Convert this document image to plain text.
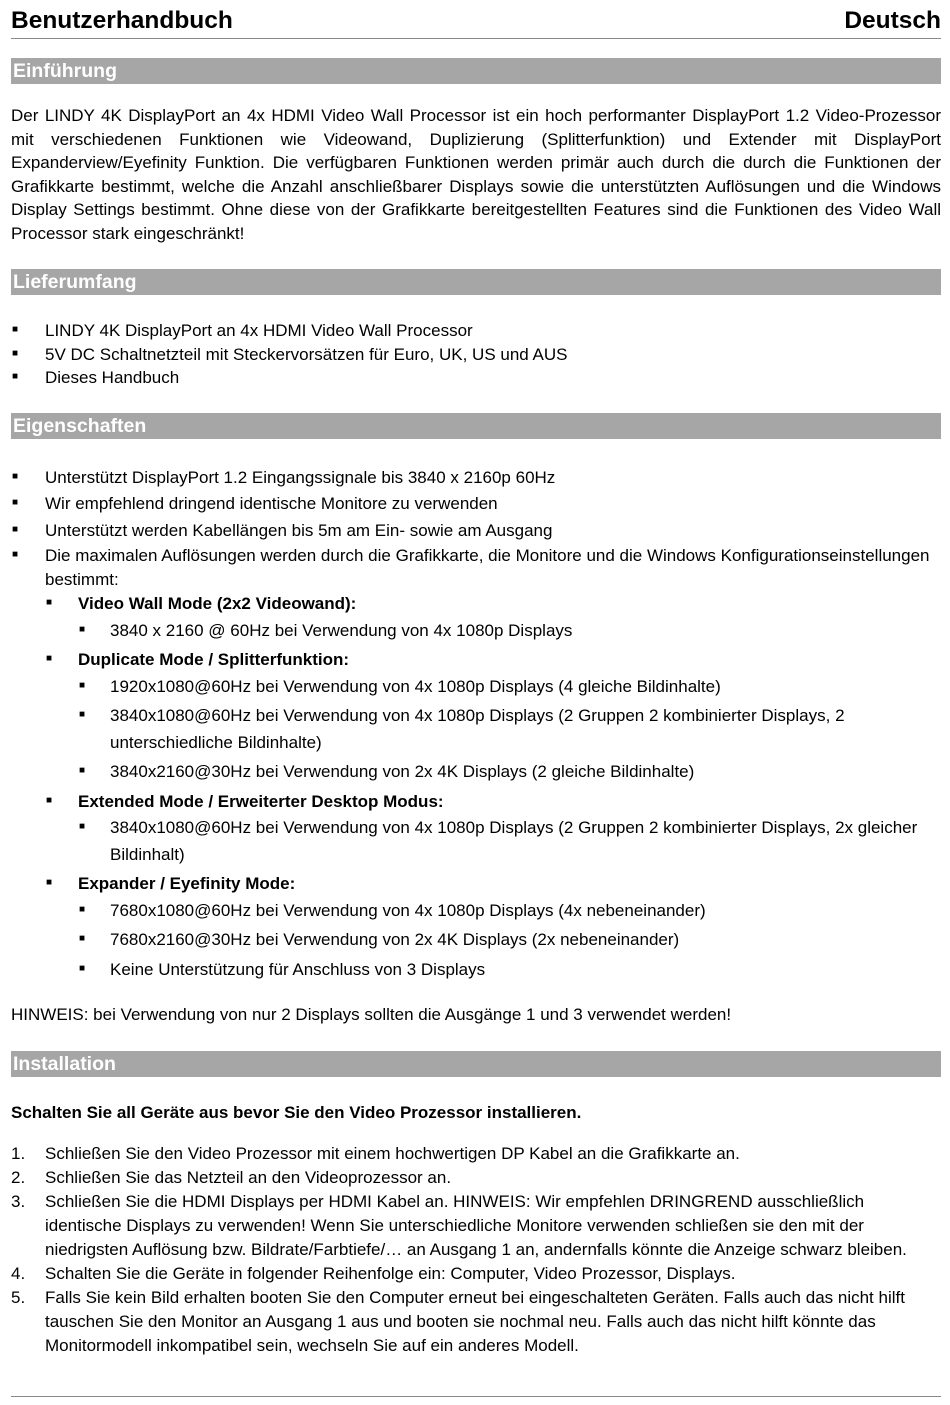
Benutzerhandbuch	Deutsch
Einführung

Der LINDY 4K DisplayPort an 4x HDMI Video Wall Processor ist ein hoch performanter DisplayPort 1.2 Video-Prozessor mit verschiedenen Funktionen wie Videowand, Duplizierung (Splitterfunktion) und Extender mit DisplayPort Expanderview/Eyefinity Funktion. Die verfügbaren Funktionen werden primär auch durch die durch die Funktionen der Grafikkarte bestimmt, welche die Anzahl anschließbarer Displays sowie die unterstützten Auflösungen und die Windows Display Settings bestimmt. Ohne diese von der Grafikkarte bereitgestellten Features sind die Funktionen des Video Wall Processor stark eingeschränkt!

Lieferumfang
■ LINDY 4K DisplayPort an 4x HDMI Video Wall Processor
■ 5V DC Schaltnetzteil mit Steckervorsätzen für Euro, UK, US und AUS
■ Dieses Handbuch
Eigenschaften
■ Unterstützt DisplayPort 1.2 Eingangssignale bis 3840 x 2160p 60Hz
■ Wir empfehlend dringend identische Monitore zu verwenden
■ Unterstützt werden Kabellängen bis 5m am Ein- sowie am Ausgang
■ Die maximalen Auflösungen werden durch die Grafikkarte, die Monitore und die Windows Konfigurationseinstellungen bestimmt:
■ Video Wall Mode (2x2 Videowand):
■ 3840 x 2160 @ 60Hz bei Verwendung von 4x 1080p Displays
■ Duplicate Mode / Splitterfunktion:
■ 1920x1080@60Hz bei Verwendung von 4x 1080p Displays (4 gleiche Bildinhalte)
■ 3840x1080@60Hz bei Verwendung von 4x 1080p Displays (2 Gruppen 2 kombinierter Displays, 2 unterschiedliche Bildinhalte)
■ 3840x2160@30Hz bei Verwendung von 2x 4K Displays (2 gleiche Bildinhalte)
■ Extended Mode / Erweiterter Desktop Modus:
■ 3840x1080@60Hz bei Verwendung von 4x 1080p Displays (2 Gruppen 2 kombinierter Displays, 2x gleicher Bildinhalt)
■ Expander / Eyefinity Mode:
■ 7680x1080@60Hz bei Verwendung von 4x 1080p Displays (4x nebeneinander)
■ 7680x2160@30Hz bei Verwendung von 2x 4K Displays (2x nebeneinander)
■ Keine Unterstützung für Anschluss von 3 Displays

HINWEIS: bei Verwendung von nur 2 Displays sollten die Ausgänge 1 und 3 verwendet werden!

Installation

Schalten Sie all Geräte aus bevor Sie den Video Prozessor installieren.

1. Schließen Sie den Video Prozessor mit einem hochwertigen DP Kabel an die Grafikkarte an.
2. Schließen Sie das Netzteil an den Videoprozessor an.
3. Schließen Sie die HDMI Displays per HDMI Kabel an. HINWEIS: Wir empfehlen DRINGREND ausschließlich identische Displays zu verwenden! Wenn Sie unterschiedliche Monitore verwenden schließen sie den mit der niedrigsten Auflösung bzw. Bildrate/Farbtiefe/… an Ausgang 1 an, andernfalls könnte die Anzeige schwarz bleiben.
4. Schalten Sie die Geräte in folgender Reihenfolge ein: Computer, Video Prozessor, Displays.
5. Falls Sie kein Bild erhalten booten Sie den Computer erneut bei eingeschalteten Geräten. Falls auch das nicht hilft tauschen Sie den Monitor an Ausgang 1 aus und booten sie nochmal neu. Falls auch das nicht hilft könnte das Monitormodell inkompatibel sein, wechseln Sie auf ein anderes Modell.
